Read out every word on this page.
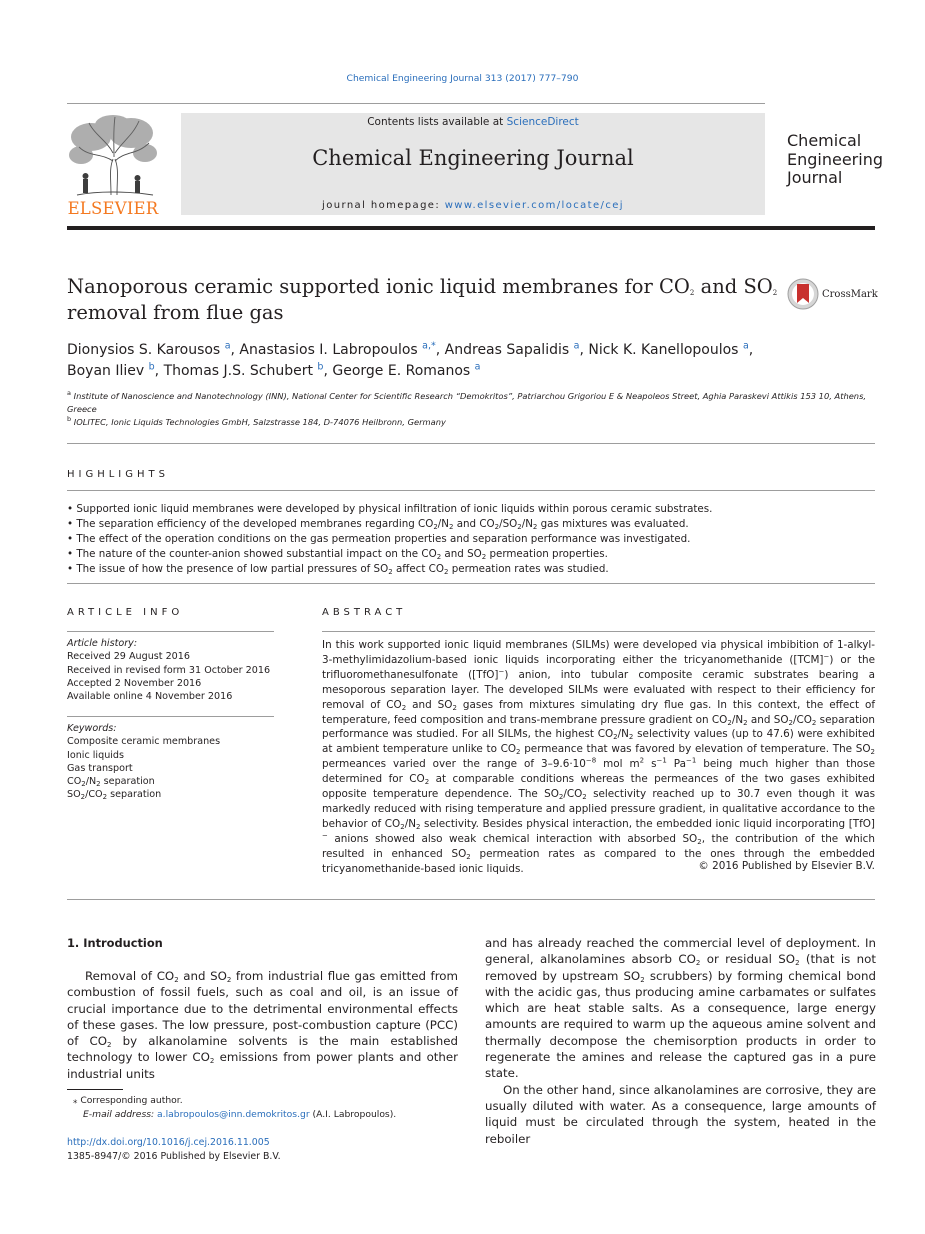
Chemical Engineering Journal 313 (2017) 777–790
ELSEVIER
Contents lists available at ScienceDirect
Chemical Engineering Journal
journal homepage: www.elsevier.com/locate/cej
Chemical
Engineering
Journal
Nanoporous ceramic supported ionic liquid membranes for $CO_2$ and $SO_2$
removal from flue gas
CrossMark
Dionysios S. Karousos $^a$, Anastasios I. Labropoulos $^{a,*}$, Andreas Sapalidis $^a$, Nick K. Kanellopoulos $^a$,
Boyan Iliev $^b$, Thomas J.S. Schubert $^b$, George E. Romanos $^a$
$^a$ Institute of Nanoscience and Nanotechnology (INN), National Center for Scientific Research “Demokritos”, Patriarchou Grigoriou E & Neapoleos Street, Aghia Paraskevi Attikis 153 10, Athens, Greece
$^b$ IOLITEC, Ionic Liquids Technologies GmbH, Salzstrasse 184, D-74076 Heilbronn, Germany
HIGHLIGHTS
• Supported ionic liquid membranes were developed by physical infiltration of ionic liquids within porous ceramic substrates.
• The separation efficiency of the developed membranes regarding $CO_2/N_2$ and $CO_2/SO_2/N_2$ gas mixtures was evaluated.
• The effect of the operation conditions on the gas permeation properties and separation performance was investigated.
• The nature of the counter-anion showed substantial impact on the $CO_2$ and $SO_2$ permeation properties.
• The issue of how the presence of low partial pressures of $SO_2$ affect $CO_2$ permeation rates was studied.
ARTICLE INFO
Article history:
Received 29 August 2016
Received in revised form 31 October 2016
Accepted 2 November 2016
Available online 4 November 2016
Keywords:
Composite ceramic membranes
Ionic liquids
Gas transport
$CO_2/N_2$ separation
$SO_2/CO_2$ separation
ABSTRACT
In this work supported ionic liquid membranes (SILMs) were developed via physical imbibition of 1-alkyl-3-methylimidazolium-based ionic liquids incorporating either the tricyanomethanide ([TCM]−) or the trifluoromethanesulfonate ([TfO]−) anion, into tubular composite ceramic substrates bearing a mesoporous separation layer. The developed SILMs were evaluated with respect to their efficiency for removal of $CO_2$ and $SO_2$ gases from mixtures simulating dry flue gas. In this context, the effect of temperature, feed composition and trans-membrane pressure gradient on $CO_2/N_2$ and $SO_2/CO_2$ separation performance was studied. For all SILMs, the highest $CO_2/N_2$ selectivity values (up to 47.6) were exhibited at ambient temperature unlike to $CO_2$ permeance that was favored by elevation of temperature. The $SO_2$ permeances varied over the range of $3-9.6\cdot 10^{-8}$ mol $m^2$ $s^{-1}$ $Pa^{-1}$ being much higher than those determined for $CO_2$ at comparable conditions whereas the permeances of the two gases exhibited opposite temperature dependence. The $SO_2/CO_2$ selectivity reached up to 30.7 even though it was markedly reduced with rising temperature and applied pressure gradient, in qualitative accordance to the behavior of $CO_2/N_2$ selectivity. Besides physical interaction, the embedded ionic liquid incorporating [TfO]− anions showed also weak chemical interaction with absorbed $SO_2$, the contribution of the which resulted in enhanced $SO_2$ permeation rates as compared to the ones through the embedded tricyanomethanide-based ionic liquids.	© 2016 Published by Elsevier B.V.
1. Introduction
Removal of $CO_2$ and $SO_2$ from industrial flue gas emitted from combustion of fossil fuels, such as coal and oil, is an issue of crucial importance due to the detrimental environmental effects of these gases. The low pressure, post-combustion capture (PCC) of $CO_2$ by alkanolamine solvents is the main established technology to lower $CO_2$ emissions from power plants and other industrial units
and has already reached the commercial level of deployment. In general, alkanolamines absorb $CO_2$ or residual $SO_2$ (that is not removed by upstream $SO_2$ scrubbers) by forming chemical bond with the acidic gas, thus producing amine carbamates or sulfates which are heat stable salts. As a consequence, large energy amounts are required to warm up the aqueous amine solvent and thermally decompose the chemisorption products in order to regenerate the amines and release the captured gas in a pure state.
On the other hand, since alkanolamines are corrosive, they are usually diluted with water. As a consequence, large amounts of liquid must be circulated through the system, heated in the reboiler
⁎ Corresponding author.
E-mail address: a.labropoulos@inn.demokritos.gr (A.I. Labropoulos).
http://dx.doi.org/10.1016/j.cej.2016.11.005
1385-8947/© 2016 Published by Elsevier B.V.
